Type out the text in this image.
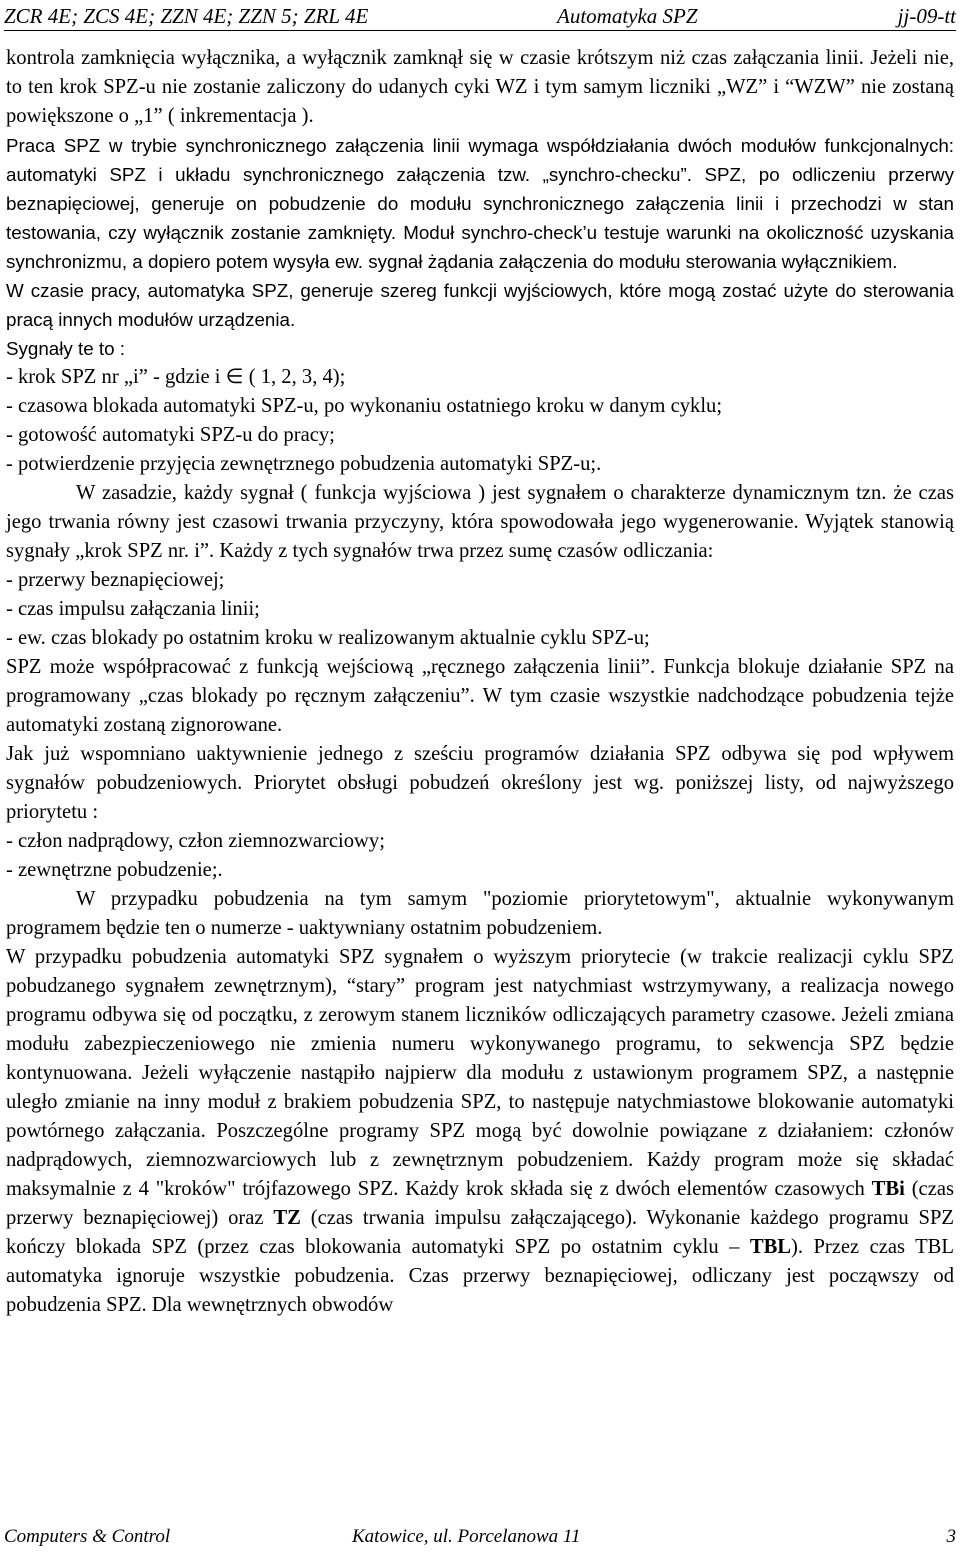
ZCR 4E; ZCS 4E; ZZN 4E; ZZN 5; ZRL 4E	Automatyka SPZ	jj-09-tt

kontrola zamknięcia wyłącznika, a wyłącznik zamknął się w czasie krótszym niż czas załączania linii. Jeżeli nie, to ten krok SPZ-u nie zostanie zaliczony do udanych cyki WZ i tym samym liczniki „WZ” i “WZW” nie zostaną powiększone o „1” ( inkrementacja ).

Praca SPZ w trybie synchronicznego załączenia linii wymaga współdziałania dwóch modułów funkcjonalnych: automatyki SPZ i układu synchronicznego załączenia tzw. „synchro-checku”. SPZ, po odliczeniu przerwy beznapięciowej, generuje on pobudzenie do modułu synchronicznego załączenia linii i przechodzi w stan testowania, czy wyłącznik zostanie zamknięty. Moduł synchro-check’u testuje warunki na okoliczność uzyskania synchronizmu, a dopiero potem wysyła ew. sygnał żądania załączenia do modułu sterowania wyłącznikiem.

W czasie pracy, automatyka SPZ, generuje szereg funkcji wyjściowych, które mogą zostać użyte do sterowania pracą innych modułów urządzenia.

Sygnały te to :

- krok SPZ nr „i” - gdzie i ∈ ( 1, 2, 3, 4);
- czasowa blokada automatyki SPZ-u, po wykonaniu ostatniego kroku w danym cyklu;
- gotowość automatyki SPZ-u do pracy;
- potwierdzenie przyjęcia zewnętrznego pobudzenia automatyki SPZ-u;.

W zasadzie, każdy sygnał ( funkcja wyjściowa ) jest sygnałem o charakterze dynamicznym tzn. że czas jego trwania równy jest czasowi trwania przyczyny, która spowodowała jego wygenerowanie. Wyjątek stanowią sygnały „krok SPZ nr. i”. Każdy z tych sygnałów trwa przez sumę czasów odliczania:

- przerwy beznapięciowej;
- czas impulsu załączania linii;
- ew. czas blokady po ostatnim kroku w realizowanym aktualnie cyklu SPZ-u;

SPZ może współpracować z funkcją wejściową „ręcznego załączenia linii”. Funkcja blokuje działanie SPZ na programowany „czas blokady po ręcznym załączeniu”. W tym czasie wszystkie nadchodzące pobudzenia tejże automatyki zostaną zignorowane.

Jak już wspomniano uaktywnienie jednego z sześciu programów działania SPZ odbywa się pod wpływem sygnałów pobudzeniowych. Priorytet obsługi pobudzeń określony jest wg. poniższej listy, od najwyższego priorytetu :

- człon nadprądowy, człon ziemnozwarciowy;
- zewnętrzne pobudzenie;.

W przypadku pobudzenia na tym samym "poziomie priorytetowym", aktualnie wykonywanym programem będzie ten o numerze - uaktywniany ostatnim pobudzeniem.

W przypadku pobudzenia automatyki SPZ sygnałem o wyższym priorytecie (w trakcie realizacji cyklu SPZ pobudzanego sygnałem zewnętrznym), “stary” program jest natychmiast wstrzymywany, a realizacja nowego programu odbywa się od początku, z zerowym stanem liczników odliczających parametry czasowe. Jeżeli zmiana modułu zabezpieczeniowego nie zmienia numeru wykonywanego programu, to sekwencja SPZ będzie kontynuowana. Jeżeli wyłączenie nastąpiło najpierw dla modułu z ustawionym programem SPZ, a następnie uległo zmianie na inny moduł z brakiem pobudzenia SPZ, to następuje natychmiastowe blokowanie automatyki powtórnego załączania. Poszczególne programy SPZ mogą być dowolnie powiązane z działaniem: członów nadprądowych, ziemnozwarciowych lub z zewnętrznym pobudzeniem. Każdy program może się składać maksymalnie z 4 "kroków" trójfazowego SPZ. Każdy krok składa się z dwóch elementów czasowych TBi (czas przerwy beznapięciowej) oraz TZ (czas trwania impulsu załączającego). Wykonanie każdego programu SPZ kończy blokada SPZ (przez czas blokowania automatyki SPZ po ostatnim cyklu – TBL). Przez czas TBL automatyka ignoruje wszystkie pobudzenia. Czas przerwy beznapięciowej, odliczany jest począwszy od pobudzenia SPZ. Dla wewnętrznych obwodów

Computers & Control	Katowice, ul. Porcelanowa 11	3
